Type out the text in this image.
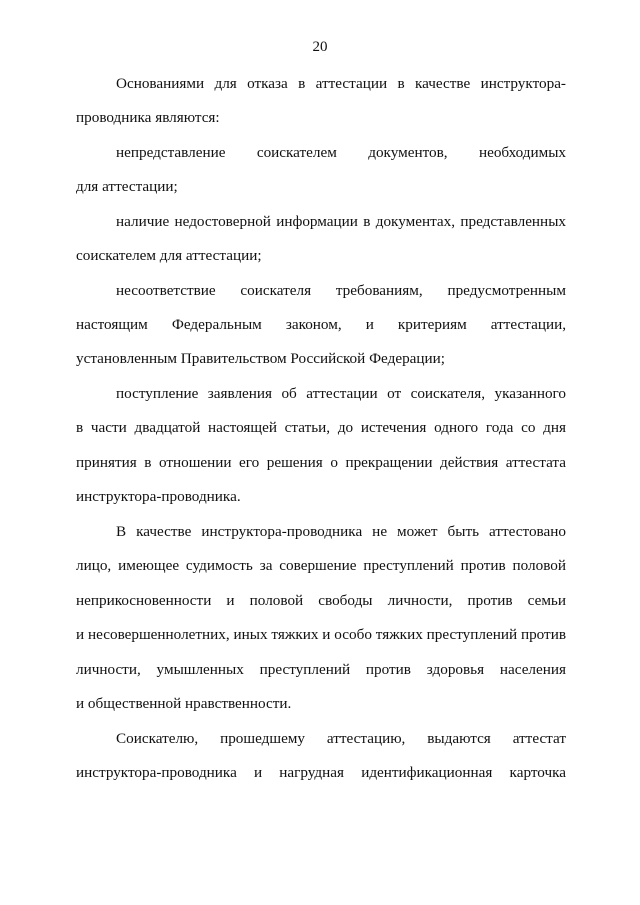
20
Основаниями для отказа в аттестации в качестве инструктора-
проводника являются:
непредставление соискателем документов, необходимых
для аттестации;
наличие недостоверной информации в документах, представленных
соискателем для аттестации;
несоответствие соискателя требованиям, предусмотренным
настоящим Федеральным законом, и критериям аттестации,
установленным Правительством Российской Федерации;
поступление заявления об аттестации от соискателя, указанного
в части двадцатой настоящей статьи, до истечения одного года со дня
принятия в отношении его решения о прекращении действия аттестата
инструктора-проводника.
В качестве инструктора-проводника не может быть аттестовано
лицо, имеющее судимость за совершение преступлений против половой
неприкосновенности и половой свободы личности, против семьи
и несовершеннолетних, иных тяжких и особо тяжких преступлений против
личности, умышленных преступлений против здоровья населения
и общественной нравственности.
Соискателю, прошедшему аттестацию, выдаются аттестат
инструктора-проводника и нагрудная идентификационная карточка
